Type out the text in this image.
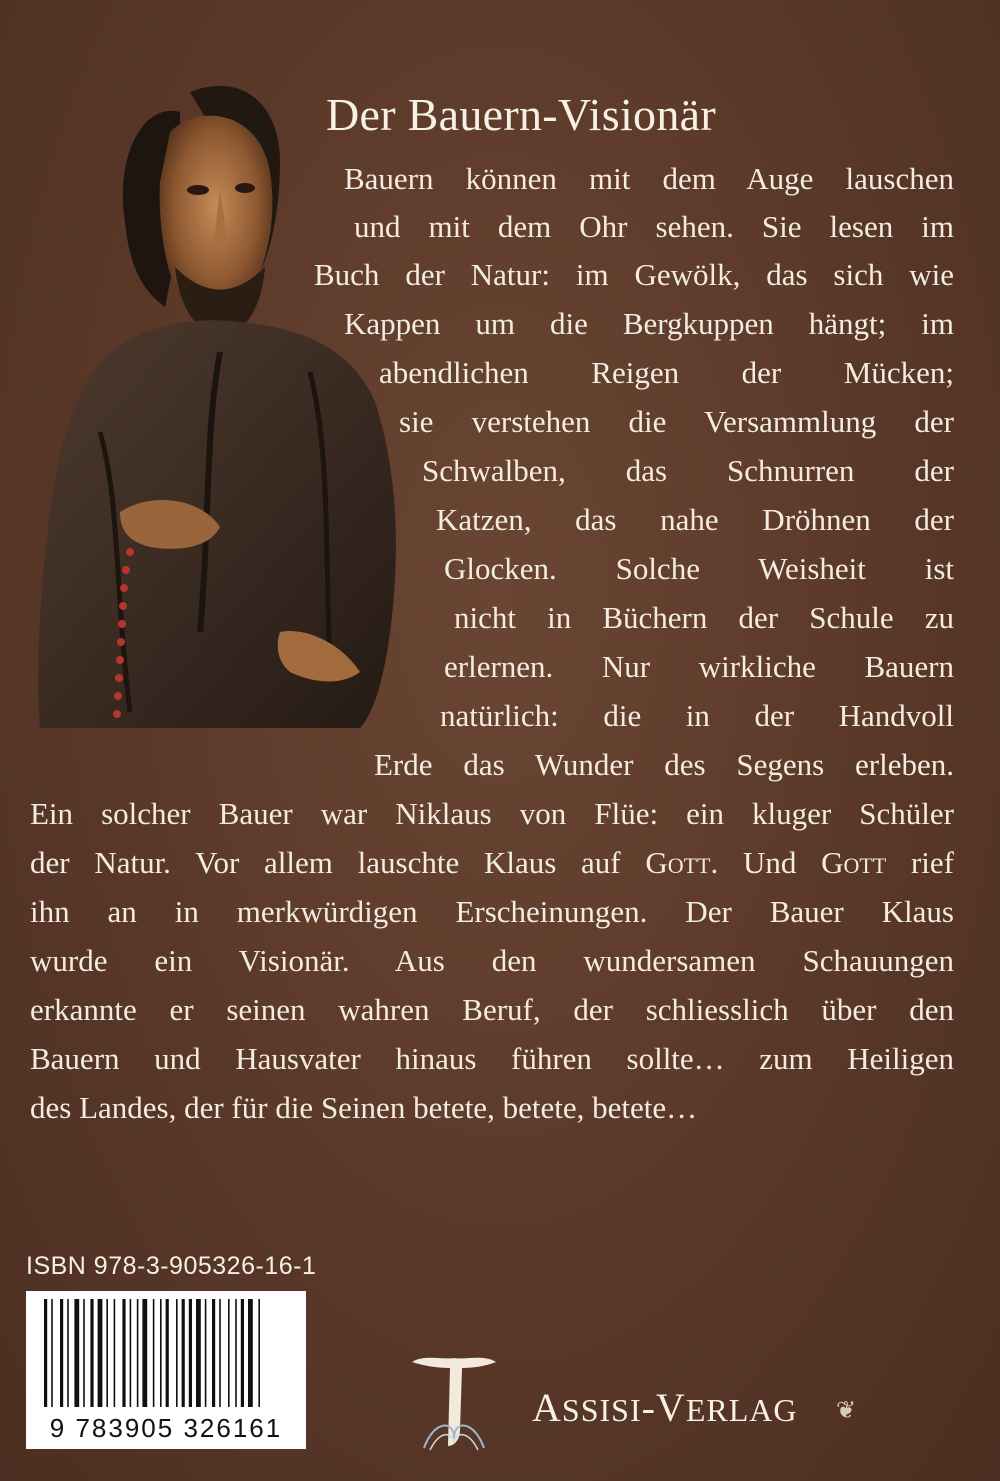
Der Bauern-Visionär
Bauern können mit dem Auge lauschen
und mit dem Ohr sehen. Sie lesen im
Buch der Natur: im Gewölk, das sich wie
Kappen um die Bergkuppen hängt; im
abendlichen Reigen der Mücken;
sie verstehen die Versammlung der
Schwalben, das Schnurren der
Katzen, das nahe Dröhnen der
Glocken. Solche Weisheit ist
nicht in Büchern der Schule zu
erlernen. Nur wirkliche Bauern
natürlich: die in der Handvoll
Erde das Wunder des Segens erleben.
Ein solcher Bauer war Niklaus von Flüe: ein kluger Schüler
der Natur. Vor allem lauschte Klaus auf Gott. Und Gott rief
ihn an in merkwürdigen Erscheinungen. Der Bauer Klaus
wurde ein Visionär. Aus den wundersamen Schauungen
erkannte er seinen wahren Beruf, der schliesslich über den
Bauern und Hausvater hinaus führen sollte… zum Heiligen
des Landes, der für die Seinen betete, betete, betete…
ISBN 978-3-905326-16-1
9 783905 326161	ASSISI-VERLAG ❦
